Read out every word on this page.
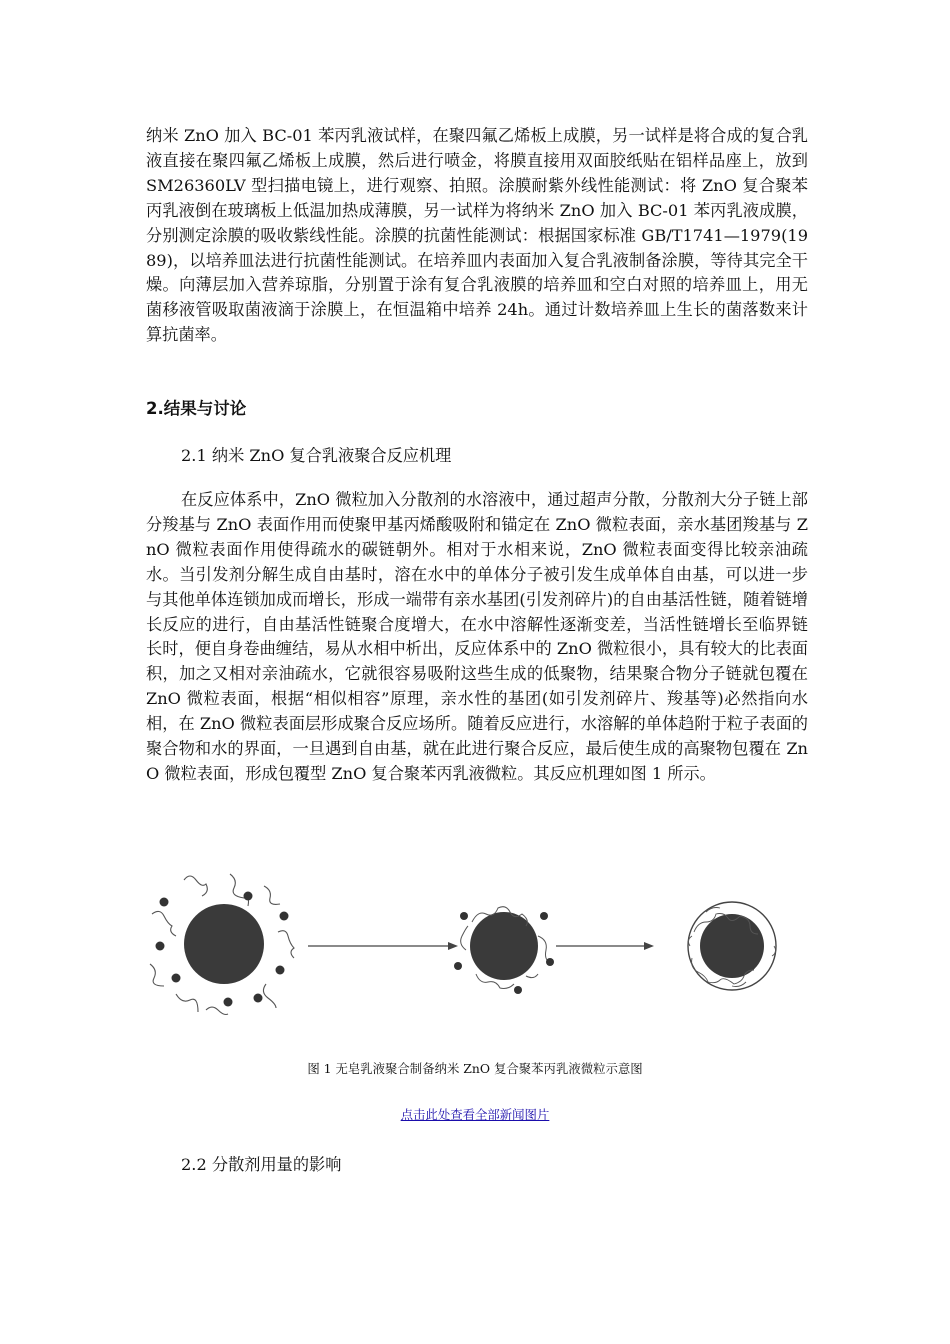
纳米 ZnO 加入 BC-01 苯丙乳液试样，在聚四氟乙烯板上成膜，另一试样是将合成的复合乳液直接在聚四氟乙烯板上成膜，然后进行喷金，将膜直接用双面胶纸贴在铝样品座上，放到 SM26360LV 型扫描电镜上，进行观察、拍照。涂膜耐紫外线性能测试：将 ZnO 复合聚苯丙乳液倒在玻璃板上低温加热成薄膜，另一试样为将纳米 ZnO 加入 BC-01 苯丙乳液成膜，分别测定涂膜的吸收紫线性能。涂膜的抗菌性能测试：根据国家标准 GB/T1741—1979(1989)，以培养皿法进行抗菌性能测试。在培养皿内表面加入复合乳液制备涂膜，等待其完全干燥。向薄层加入营养琼脂，分别置于涂有复合乳液膜的培养皿和空白对照的培养皿上，用无菌移液管吸取菌液滴于涂膜上，在恒温箱中培养 24h。通过计数培养皿上生长的菌落数来计算抗菌率。

2.结果与讨论

2.1 纳米 ZnO 复合乳液聚合反应机理

在反应体系中，ZnO 微粒加入分散剂的水溶液中，通过超声分散，分散剂大分子链上部分羧基与 ZnO 表面作用而使聚甲基丙烯酸吸附和锚定在 ZnO 微粒表面，亲水基团羧基与 ZnO 微粒表面作用使得疏水的碳链朝外。相对于水相来说，ZnO 微粒表面变得比较亲油疏水。当引发剂分解生成自由基时，溶在水中的单体分子被引发生成单体自由基，可以进一步与其他单体连锁加成而增长，形成一端带有亲水基团(引发剂碎片)的自由基活性链，随着链增长反应的进行，自由基活性链聚合度增大，在水中溶解性逐渐变差，当活性链增长至临界链长时，便自身卷曲缠结，易从水相中析出，反应体系中的 ZnO 微粒很小，具有较大的比表面积，加之又相对亲油疏水，它就很容易吸附这些生成的低聚物，结果聚合物分子链就包覆在 ZnO 微粒表面，根据“相似相容”原理，亲水性的基团(如引发剂碎片、羧基等)必然指向水相，在 ZnO 微粒表面层形成聚合反应场所。随着反应进行，水溶解的单体趋附于粒子表面的聚合物和水的界面，一旦遇到自由基，就在此进行聚合反应，最后使生成的高聚物包覆在 ZnO 微粒表面，形成包覆型 ZnO 复合聚苯丙乳液微粒。其反应机理如图 1 所示。

图 1 无皂乳液聚合制备纳米 ZnO 复合聚苯丙乳液微粒示意图

点击此处查看全部新闻图片

2.2 分散剂用量的影响
